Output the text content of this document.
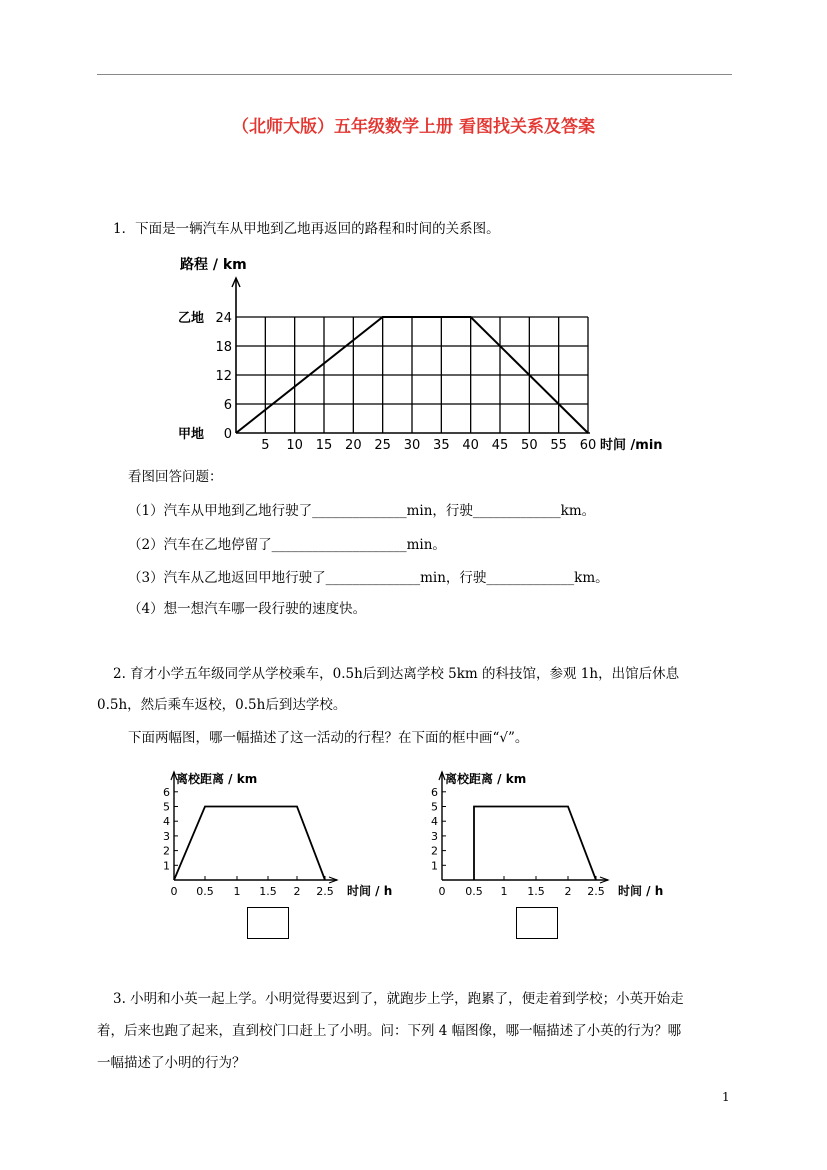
（北师大版）五年级数学上册 看图找关系及答案
1．下面是一辆汽车从甲地到乙地再返回的路程和时间的关系图。
5 10 15 20 25 30 35 40 45 50 55 60
0
6
12
18
24
乙地
甲地
路程 / km
时间 /min
1
2
3
4
5
6
0 0.5 1 1.5 2 2.5
离校距离 / km
时间 / h
1
2
3
4
5
6
0 0.5 1 1.5 2 2.5
离校距离 / km
时间 / h
看图回答问题：
（1）汽车从甲地到乙地行驶了______________min，行驶_____________km。
（2）汽车在乙地停留了____________________min。
（3）汽车从乙地返回甲地行驶了______________min，行驶_____________km。
（4）想一想汽车哪一段行驶的速度快。
2. 育才小学五年级同学从学校乘车，0.5h后到达离学校 5km 的科技馆，参观 1h，出馆后休息
0.5h，然后乘车返校，0.5h后到达学校。
下面两幅图，哪一幅描述了这一活动的行程？在下面的框中画“√”。
3. 小明和小英一起上学。小明觉得要迟到了，就跑步上学，跑累了，便走着到学校；小英开始走
着，后来也跑了起来，直到校门口赶上了小明。问：下列 4 幅图像，哪一幅描述了小英的行为？哪
一幅描述了小明的行为？
1
